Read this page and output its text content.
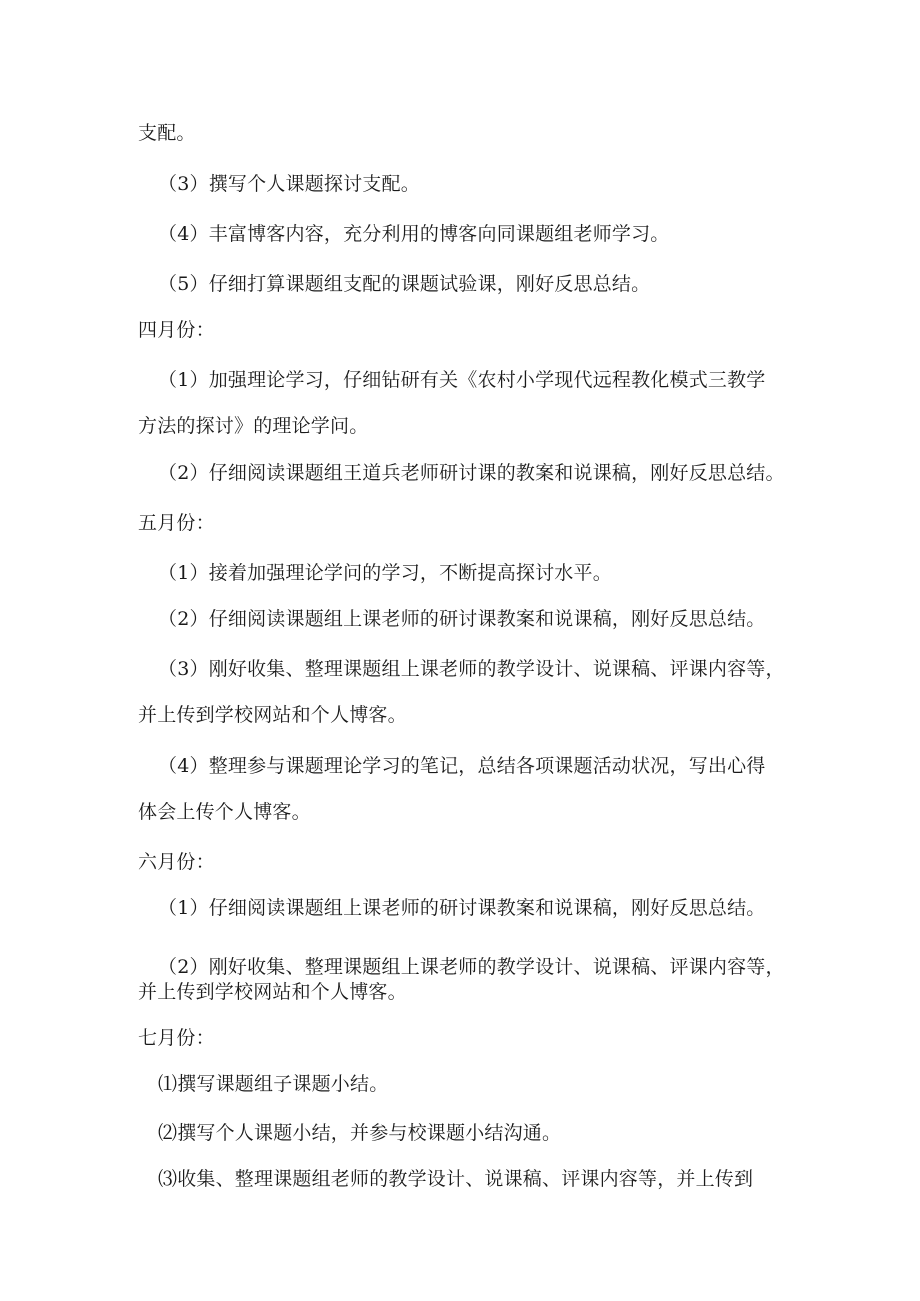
支配。
（3）撰写个人课题探讨支配。
（4）丰富博客内容，充分利用的博客向同课题组老师学习。
（5）仔细打算课题组支配的课题试验课，刚好反思总结。
四月份：
（1）加强理论学习，仔细钻研有关《农村小学现代远程教化模式三教学
方法的探讨》的理论学问。
（2）仔细阅读课题组王道兵老师研讨课的教案和说课稿，刚好反思总结。
五月份：
（1）接着加强理论学问的学习，不断提高探讨水平。
（2）仔细阅读课题组上课老师的研讨课教案和说课稿，刚好反思总结。
（3）刚好收集、整理课题组上课老师的教学设计、说课稿、评课内容等，
并上传到学校网站和个人博客。
（4）整理参与课题理论学习的笔记，总结各项课题活动状况，写出心得
体会上传个人博客。
六月份：
（1）仔细阅读课题组上课老师的研讨课教案和说课稿，刚好反思总结。
（2）刚好收集、整理课题组上课老师的教学设计、说课稿、评课内容等，
并上传到学校网站和个人博客。
七月份：
⑴撰写课题组子课题小结。
⑵撰写个人课题小结，并参与校课题小结沟通。
⑶收集、整理课题组老师的教学设计、说课稿、评课内容等，并上传到
